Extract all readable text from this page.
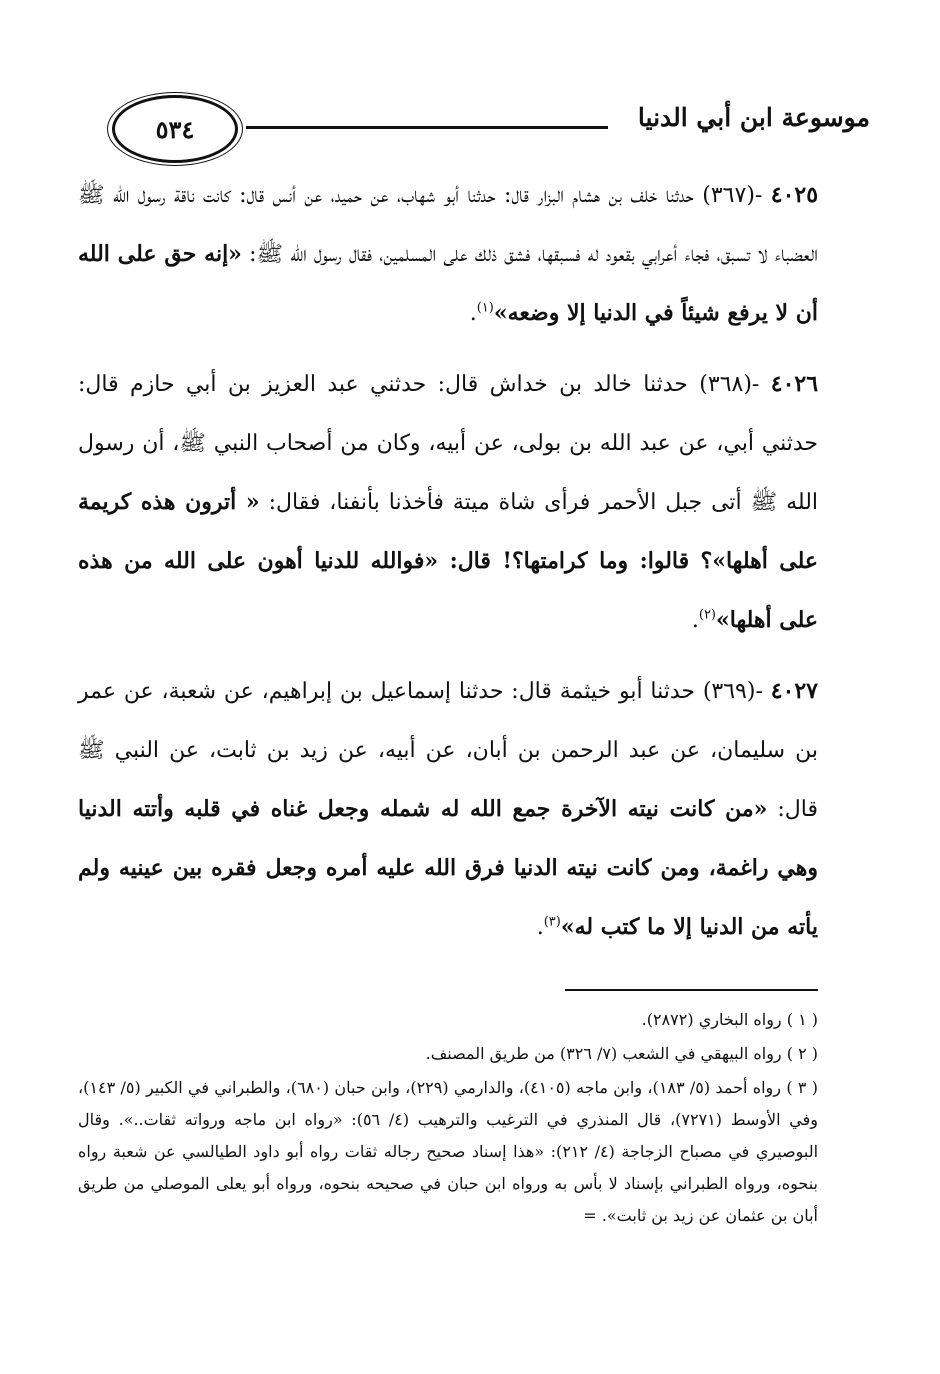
٥٣٤	موسوعة ابن أبي الدنيا

٤٠٢٥ -(٣٦٧) حدثنا خلف بن هشام البزار قال: حدثنا أبو شهاب، عن حميد، عن أنس قال: كانت ناقة رسول الله ﷺ العضباء لا تسبق، فجاء أعرابي بقعود له فسبقها، فشق ذلك على المسلمين، فقال رسول الله ﷺ: «إنه حق على الله أن لا يرفع شيئاً في الدنيا إلا وضعه»$^{(١)}$.

٤٠٢٦ -(٣٦٨) حدثنا خالد بن خداش قال: حدثني عبد العزيز بن أبي حازم قال: حدثني أبي، عن عبد الله بن بولى، عن أبيه، وكان من أصحاب النبي ﷺ، أن رسول الله ﷺ أتى جبل الأحمر فرأى شاة ميتة فأخذنا بأنفنا، فقال: « أترون هذه كريمة على أهلها»؟ قالوا: وما كرامتها؟! قال: «فوالله للدنيا أهون على الله من هذه على أهلها»$^{(٢)}$.

٤٠٢٧ -(٣٦٩) حدثنا أبو خيثمة قال: حدثنا إسماعيل بن إبراهيم، عن شعبة، عن عمر بن سليمان، عن عبد الرحمن بن أبان، عن أبيه، عن زيد بن ثابت، عن النبي ﷺ قال: «من كانت نيته الآخرة جمع الله له شمله وجعل غناه في قلبه وأتته الدنيا وهي راغمة، ومن كانت نيته الدنيا فرق الله عليه أمره وجعل فقره بين عينيه ولم يأته من الدنيا إلا ما كتب له»$^{(٣)}$.

( ١ ) رواه البخاري (٢٨٧٢).

( ٢ ) رواه البيهقي في الشعب (٧/ ٣٢٦) من طريق المصنف.

( ٣ ) رواه أحمد (٥/ ١٨٣)، وابن ماجه (٤١٠٥)، والدارمي (٢٢٩)، وابن حبان (٦٨٠)، والطبراني في الكبير (٥/ ١٤٣)، وفي الأوسط (٧٢٧١)، قال المنذري في الترغيب والترهيب (٤/ ٥٦): «رواه ابن ماجه ورواته ثقات..». وقال البوصيري في مصباح الزجاجة (٤/ ٢١٢): «هذا إسناد صحيح رجاله ثقات رواه أبو داود الطيالسي عن شعبة رواه بنحوه، ورواه الطبراني بإسناد لا بأس به ورواه ابن حبان في صحيحه بنحوه، ورواه أبو يعلى الموصلي من طريق أبان بن عثمان عن زيد بن ثابت». =
